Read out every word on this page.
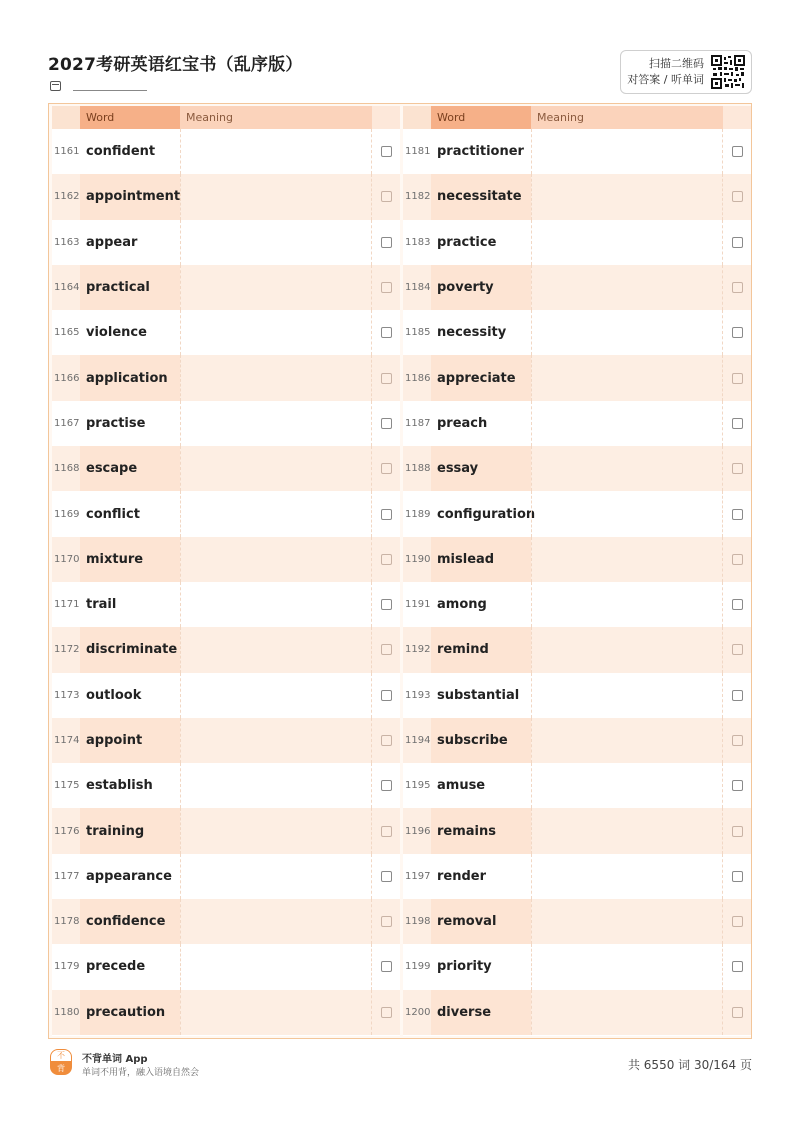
2027考研英语红宝书（乱序版）	扫描二维码
对答案 / 听单词
Word	Meaning
1161 confident
1162 appointment
1163 appear
1164 practical
1165 violence
1166 application
1167 practise
1168 escape
1169 conflict
1170 mixture
1171 trail
1172 discriminate
1173 outlook
1174 appoint
1175 establish
1176 training
1177 appearance
1178 confidence
1179 precede
1180 precaution
Word	Meaning
1181 practitioner
1182 necessitate
1183 practice
1184 poverty
1185 necessity
1186 appreciate
1187 preach
1188 essay
1189 configuration
1190 mislead
1191 among
1192 remind
1193 substantial
1194 subscribe
1195 amuse
1196 remains
1197 render
1198 removal
1199 priority
1200 diverse
不
背
不背单词 App
单词不用背，融入语境自然会
共 6550 词 30/164 页
